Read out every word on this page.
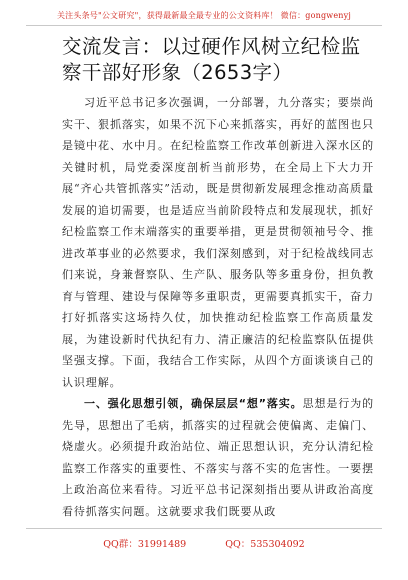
关注头条号"公文研究"，获得最新最全最专业的公文资料库！ 微信：gongwenyj
交流发言：以过硬作风树立纪检监察干部好形象（2653字）

习近平总书记多次强调，一分部署，九分落实；要崇尚实干、狠抓落实，如果不沉下心来抓落实，再好的蓝图也只是镜中花、水中月。在纪检监察工作改革创新进入深水区的关键时机，局党委深度剖析当前形势，在全局上下大力开展“齐心共管抓落实”活动，既是贯彻新发展理念推动高质量发展的追切需要，也是适应当前阶段特点和发展现状，抓好纪检监察工作末端落实的重要举措，更是贯彻领袖号令、推进改革事业的必然要求，我们深刻感到，对于纪检战线同志们来说，身兼督察队、生产队、服务队等多重身份，担负教育与管理、建设与保障等多重职责，更需要真抓实干，奋力打好抓落实这场持久仗，加快推动纪检监察工作高质量发展，为建设新时代执纪有力、清正廉洁的纪检监察队伍提供坚强支撑。下面，我结合工作实际，从四个方面谈谈自己的认识理解。

一、强化思想引领，确保层层“想”落实。思想是行为的先导，思想出了毛病，抓落实的过程就会使偏离、走偏门、烧虚火。必须提升政治站位、端正思想认识，充分认清纪检监察工作落实的重要性、不落实与落不实的危害性。一要摆上政治高位来看待。习近平总书记深刻指出要从讲政治高度看待抓落实问题。这就要求我们既要从政

QQ群：31991489	QQ：535304092
